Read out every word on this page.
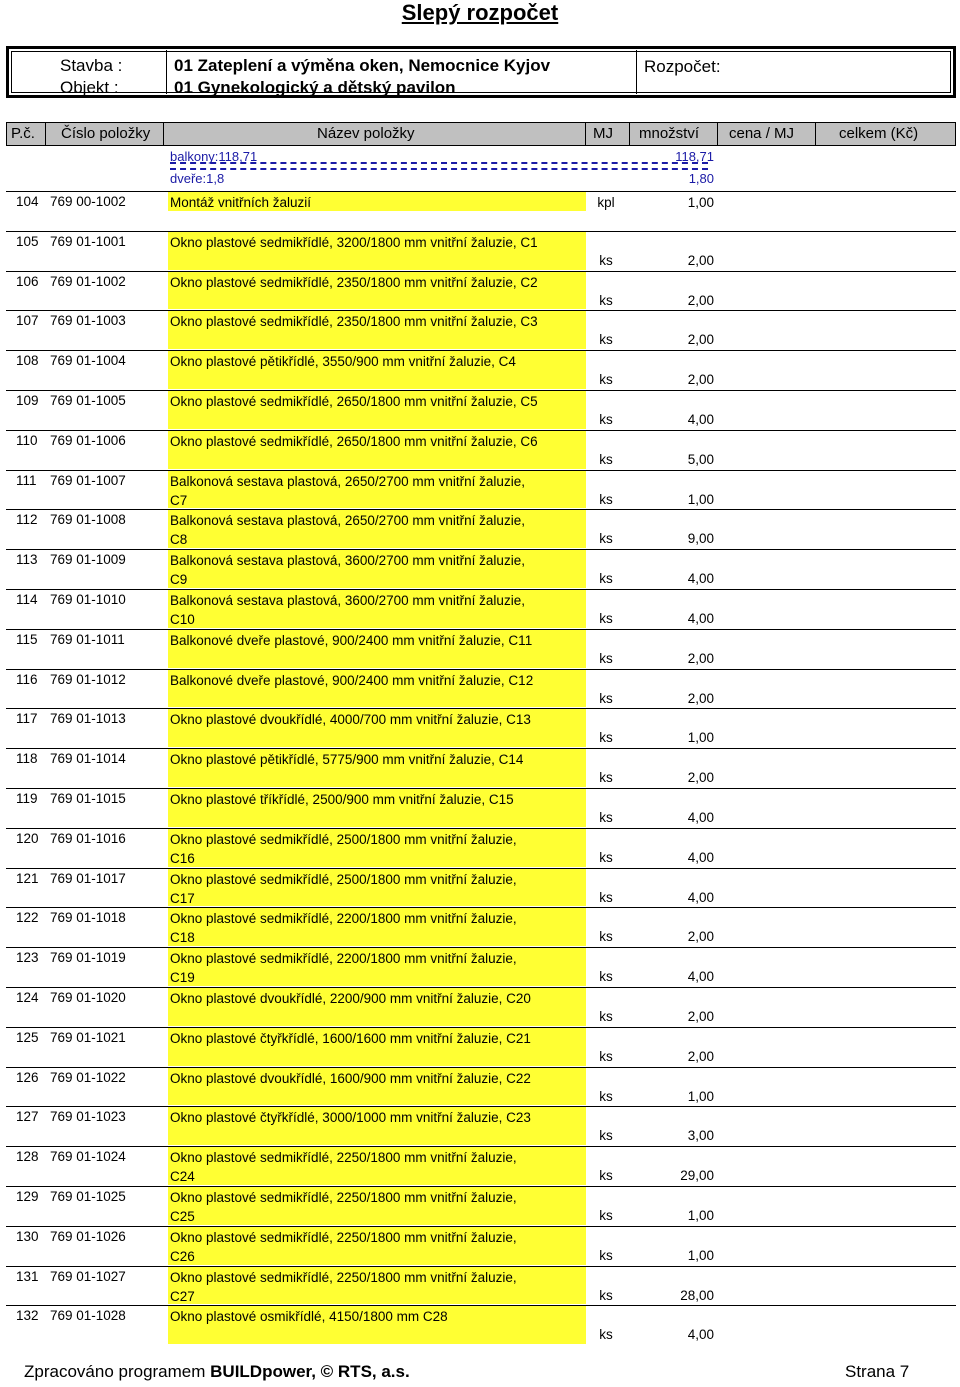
Slepý rozpočet
Stavba :
Objekt :
01 Zateplení a výměna oken, Nemocnice Kyjov
01 Gynekologický a dětský pavilon
Rozpočet:
P.č. Číslo položky	Název položky	MJ množství cena / MJ	celkem (Kč)
balkony:118,71	118,71
dveře:1,8	1,80
104 769 00-1002	Montáž vnitřních žaluzií	kpl	1,00
105 769 01-1001	Okno plastové sedmikřídlé, 3200/1800 mm vnitřní žaluzie, C1
ks	2,00
106 769 01-1002	Okno plastové sedmikřídlé, 2350/1800 mm vnitřní žaluzie, C2
ks	2,00
107 769 01-1003	Okno plastové sedmikřídlé, 2350/1800 mm vnitřní žaluzie, C3
ks	2,00
108 769 01-1004	Okno plastové pětikřídlé, 3550/900 mm vnitřní žaluzie, C4
ks	2,00
109 769 01-1005	Okno plastové sedmikřídlé, 2650/1800 mm vnitřní žaluzie, C5
ks	4,00
110 769 01-1006	Okno plastové sedmikřídlé, 2650/1800 mm vnitřní žaluzie, C6
ks	5,00
111 769 01-1007	Balkonová sestava plastová, 2650/2700 mm vnitřní žaluzie,
C7	ks	1,00
112 769 01-1008	Balkonová sestava plastová, 2650/2700 mm vnitřní žaluzie,
C8	ks	9,00
113 769 01-1009	Balkonová sestava plastová, 3600/2700 mm vnitřní žaluzie,
C9	ks	4,00
114 769 01-1010	Balkonová sestava plastová, 3600/2700 mm vnitřní žaluzie,
C10	ks	4,00
115 769 01-1011	Balkonové dveře plastové, 900/2400 mm vnitřní žaluzie, C11
ks	2,00
116 769 01-1012	Balkonové dveře plastové, 900/2400 mm vnitřní žaluzie, C12
ks	2,00
117 769 01-1013	Okno plastové dvoukřídlé, 4000/700 mm vnitřní žaluzie, C13
ks	1,00
118 769 01-1014	Okno plastové pětikřídlé, 5775/900 mm vnitřní žaluzie, C14
ks	2,00
119 769 01-1015	Okno plastové tříkřídlé, 2500/900 mm vnitřní žaluzie, C15
ks	4,00
120 769 01-1016	Okno plastové sedmikřídlé, 2500/1800 mm vnitřní žaluzie,
C16	ks	4,00
121 769 01-1017	Okno plastové sedmikřídlé, 2500/1800 mm vnitřní žaluzie,
C17	ks	4,00
122 769 01-1018	Okno plastové sedmikřídlé, 2200/1800 mm vnitřní žaluzie,
C18	ks	2,00
123 769 01-1019	Okno plastové sedmikřídlé, 2200/1800 mm vnitřní žaluzie,
C19	ks	4,00
124 769 01-1020	Okno plastové dvoukřídlé, 2200/900 mm vnitřní žaluzie, C20
ks	2,00
125 769 01-1021	Okno plastové čtyřkřídlé, 1600/1600 mm vnitřní žaluzie, C21
ks	2,00
126 769 01-1022	Okno plastové dvoukřídlé, 1600/900 mm vnitřní žaluzie, C22
ks	1,00
127 769 01-1023	Okno plastové čtyřkřídlé, 3000/1000 mm vnitřní žaluzie, C23
ks	3,00
128 769 01-1024	Okno plastové sedmikřídlé, 2250/1800 mm vnitřní žaluzie,
C24	ks	29,00
129 769 01-1025	Okno plastové sedmikřídlé, 2250/1800 mm vnitřní žaluzie,
C25	ks	1,00
130 769 01-1026	Okno plastové sedmikřídlé, 2250/1800 mm vnitřní žaluzie,
C26	ks	1,00
131 769 01-1027	Okno plastové sedmikřídlé, 2250/1800 mm vnitřní žaluzie,
C27	ks	28,00
132 769 01-1028	Okno plastové osmikřídlé, 4150/1800 mm C28
ks	4,00
Zpracováno programem BUILDpower, © RTS, a.s.	Strana 7
